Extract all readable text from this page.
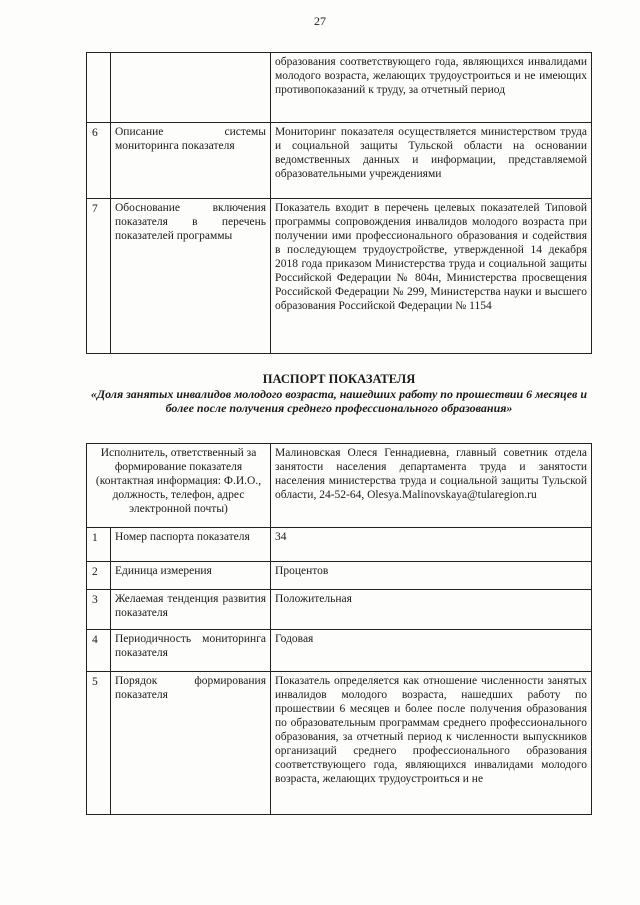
27
		образования соответствующего года, являющихся инвалидами молодого возраста, желающих трудоустроиться и не имеющих противопоказаний к труду, за отчетный период
6	Описание системы мониторинга показателя	Мониторинг показателя осуществляется министерством труда и социальной защиты Тульской области на основании ведомственных данных и информации, представляемой образовательными учреждениями
7	Обоснование включения показателя в перечень показателей программы	Показатель входит в перечень целевых показателей Типовой программы сопровождения инвалидов молодого возраста при получении ими профессионального образования и содействия в последующем трудоустройстве, утвержденной 14 декабря 2018 года приказом Министерства труда и социальной защиты Российской Федерации № 804н, Министерства просвещения Российской Федерации № 299, Министерства науки и высшего образования Российской Федерации № 1154
ПАСПОРТ ПОКАЗАТЕЛЯ
«Доля занятых инвалидов молодого возраста, нашедших работу по прошествии 6 месяцев и более после получения среднего профессионального образования»
Исполнитель, ответственный за формирование показателя (контактная информация: Ф.И.О., должность, телефон, адрес электронной почты)		Малиновская Олеся Геннадиевна, главный советник отдела занятости населения департамента труда и занятости населения министерства труда и социальной защиты Тульской области, 24-52-64, Olesya.Malinovskaya@tularegion.ru
1	Номер паспорта показателя	34
2	Единица измерения	Процентов
3	Желаемая тенденция развития показателя	Положительная
4	Периодичность мониторинга показателя	Годовая
5	Порядок формирования показателя	Показатель определяется как отношение численности занятых инвалидов молодого возраста, нашедших работу по прошествии 6 месяцев и более после получения образования по образовательным программам среднего профессионального образования, за отчетный период к численности выпускников организаций среднего профессионального образования соответствующего года, являющихся инвалидами молодого возраста, желающих трудоустроиться и не
